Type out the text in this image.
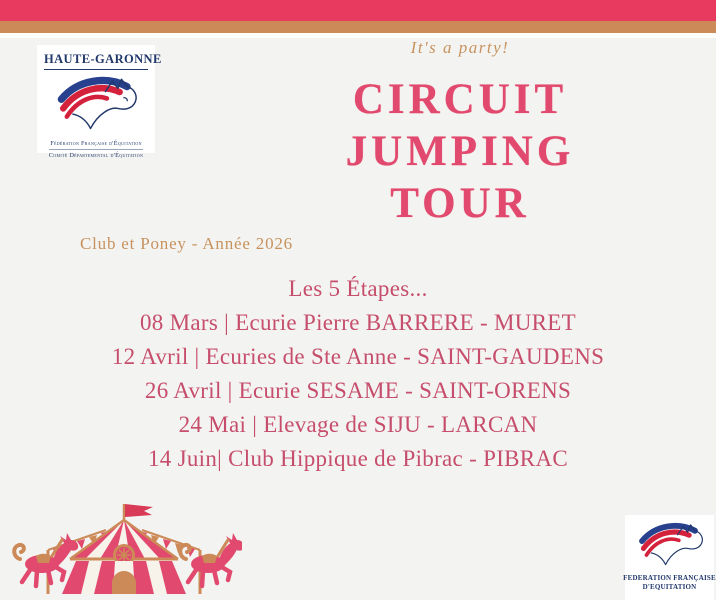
HAUTE-GARONNE
Fédération Française d'Équitation
Comité Départemental d'Équitation
It's a party!
CIRCUIT
JUMPING
TOUR
Club et Poney - Année 2026
Les 5 Étapes...
08 Mars | Ecurie Pierre BARRERE - MURET
12 Avril | Ecuries de Ste Anne - SAINT-GAUDENS
26 Avril | Ecurie SESAME - SAINT-ORENS
24 Mai | Elevage de SIJU - LARCAN
14 Juin| Club Hippique de Pibrac - PIBRAC
FEDERATION FRANÇAISE
D'EQUITATION
